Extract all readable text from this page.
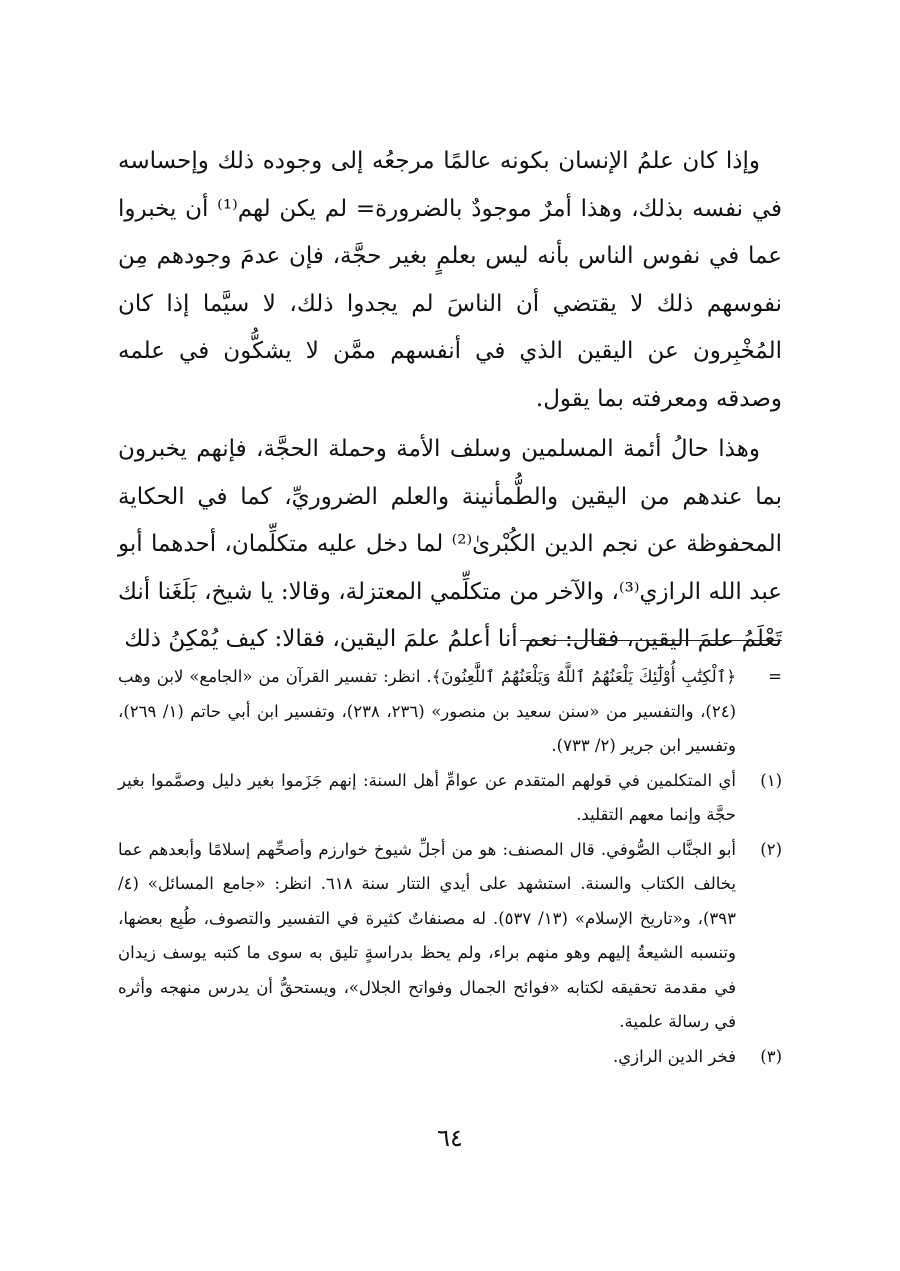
وإذا كان علمُ الإنسان بكونه عالمًا مرجعُه إلى وجوده ذلك وإحساسه في نفسه بذلك، وهذا أمرٌ موجودٌ بالضرورة= لم يكن لهم⁽¹⁾ أن يخبروا عما في نفوس الناس بأنه ليس بعلمٍ بغير حجَّة، فإن عدمَ وجودهم مِن نفوسهم ذلك لا يقتضي أن الناسَ لم يجدوا ذلك، لا سيَّما إذا كان المُخْبِرون عن اليقين الذي في أنفسهم ممَّن لا يشكُّون في علمه وصدقه ومعرفته بما يقول.

وهذا حالُ أئمة المسلمين وسلف الأمة وحملة الحجَّة، فإنهم يخبرون بما عندهم من اليقين والطُّمأنينة والعلم الضروريِّ، كما في الحكاية المحفوظة عن نجم الدين الكُبْرىٰ⁽²⁾ لما دخل عليه متكلِّمان، أحدهما أبو عبد الله الرازي⁽³⁾، والآخر من متكلِّمي المعتزلة، وقالا: يا شيخ، بَلَغَنا أنك تَعْلَمُ علمَ اليقين، فقال: نعم أنا أعلمُ علمَ اليقين، فقالا: كيف يُمْكِنُ ذلك

=
﴿ٱلْكِتَٰبِ أُوْلَٰٓئِكَ يَلْعَنُهُمُ ٱللَّهُ وَيَلْعَنُهُمُ ٱللَّٰعِنُونَ﴾. انظر: تفسير القرآن من «الجامع» لابن وهب (٢٤)، والتفسير من «سنن سعيد بن منصور» (٢٣٦، ٢٣٨)، وتفسير ابن أبي حاتم (١/ ٢٦٩)، وتفسير ابن جرير (٢/ ٧٣٣).
(١)
أي المتكلمين في قولهم المتقدم عن عوامِّ أهل السنة: إنهم جَزَموا بغير دليل وصمَّموا بغير حجَّة وإنما معهم التقليد.
(٢)
أبو الجنَّاب الصُّوفي. قال المصنف: هو من أجلِّ شيوخ خوارزم وأصحِّهم إسلامًا وأبعدهم عما يخالف الكتاب والسنة. استشهد على أيدي التتار سنة ٦١٨. انظر: «جامع المسائل» (٤/ ٣٩٣)، و«تاريخ الإسلام» (١٣/ ٥٣٧). له مصنفاتٌ كثيرة في التفسير والتصوف، طُبِع بعضها، وتنسبه الشيعةُ إليهم وهو منهم براء، ولم يحظ بدراسةٍ تليق به سوى ما كتبه يوسف زيدان في مقدمة تحقيقه لكتابه «فوائح الجمال وفواتح الجلال»، ويستحقُّ أن يدرس منهجه وأثره في رسالة علمية.
(٣)
فخر الدين الرازي.
٦٤
